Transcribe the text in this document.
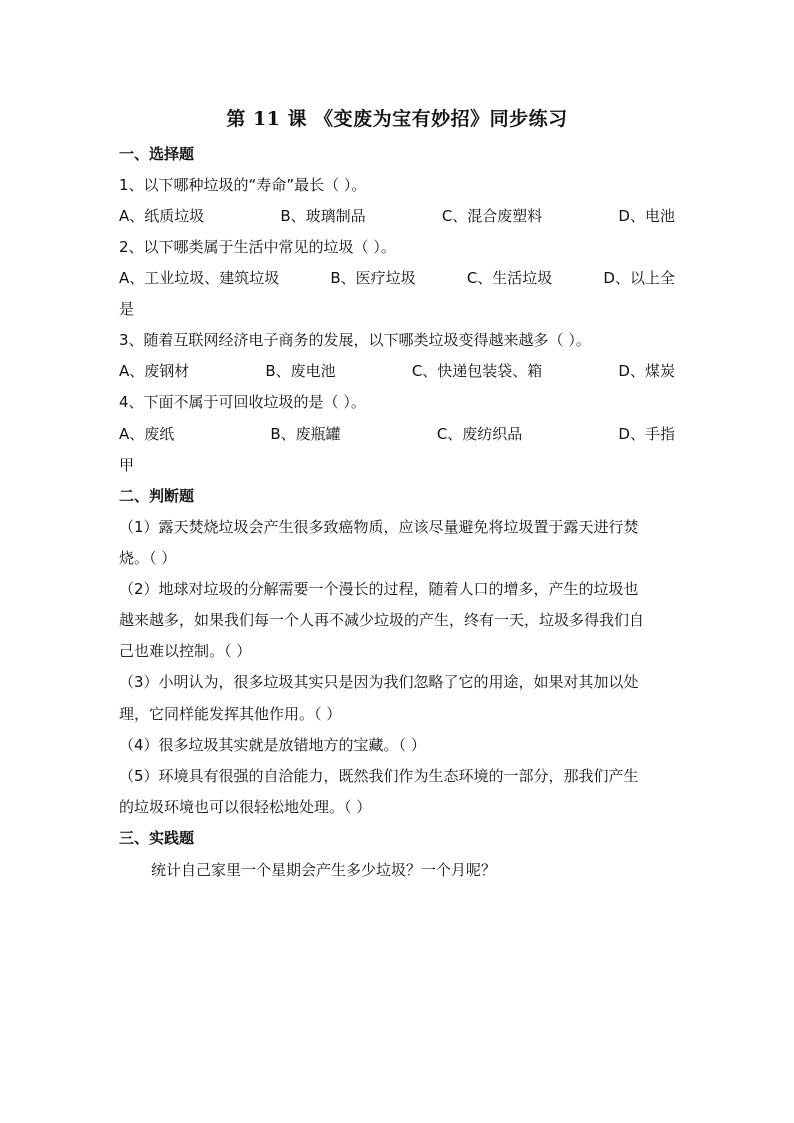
第 11 课 《变废为宝有妙招》同步练习
一、选择题
1、以下哪种垃圾的“寿命”最长（ ）。
A、纸质垃圾	B、玻璃制品	C、混合废塑料	D、电池
2、以下哪类属于生活中常见的垃圾（ ）。
A、工业垃圾、建筑垃圾	B、医疗垃圾	C、生活垃圾	D、以上全
是
3、随着互联网经济电子商务的发展，以下哪类垃圾变得越来越多（ ）。
A、废钢材	B、废电池	C、快递包装袋、箱	D、煤炭
4、下面不属于可回收垃圾的是（ ）。
A、废纸	B、废瓶罐	C、废纺织品	D、手指
甲
二、判断题
（1）露天焚烧垃圾会产生很多致癌物质，应该尽量避免将垃圾置于露天进行焚
烧。（ ）
（2）地球对垃圾的分解需要一个漫长的过程，随着人口的增多，产生的垃圾也
越来越多，如果我们每一个人再不减少垃圾的产生，终有一天，垃圾多得我们自
己也难以控制。（ ）
（3）小明认为，很多垃圾其实只是因为我们忽略了它的用途，如果对其加以处
理，它同样能发挥其他作用。（ ）
（4）很多垃圾其实就是放错地方的宝藏。（ ）
（5）环境具有很强的自洽能力，既然我们作为生态环境的一部分，那我们产生
的垃圾环境也可以很轻松地处理。（ ）
三、实践题
统计自己家里一个星期会产生多少垃圾？一个月呢？
